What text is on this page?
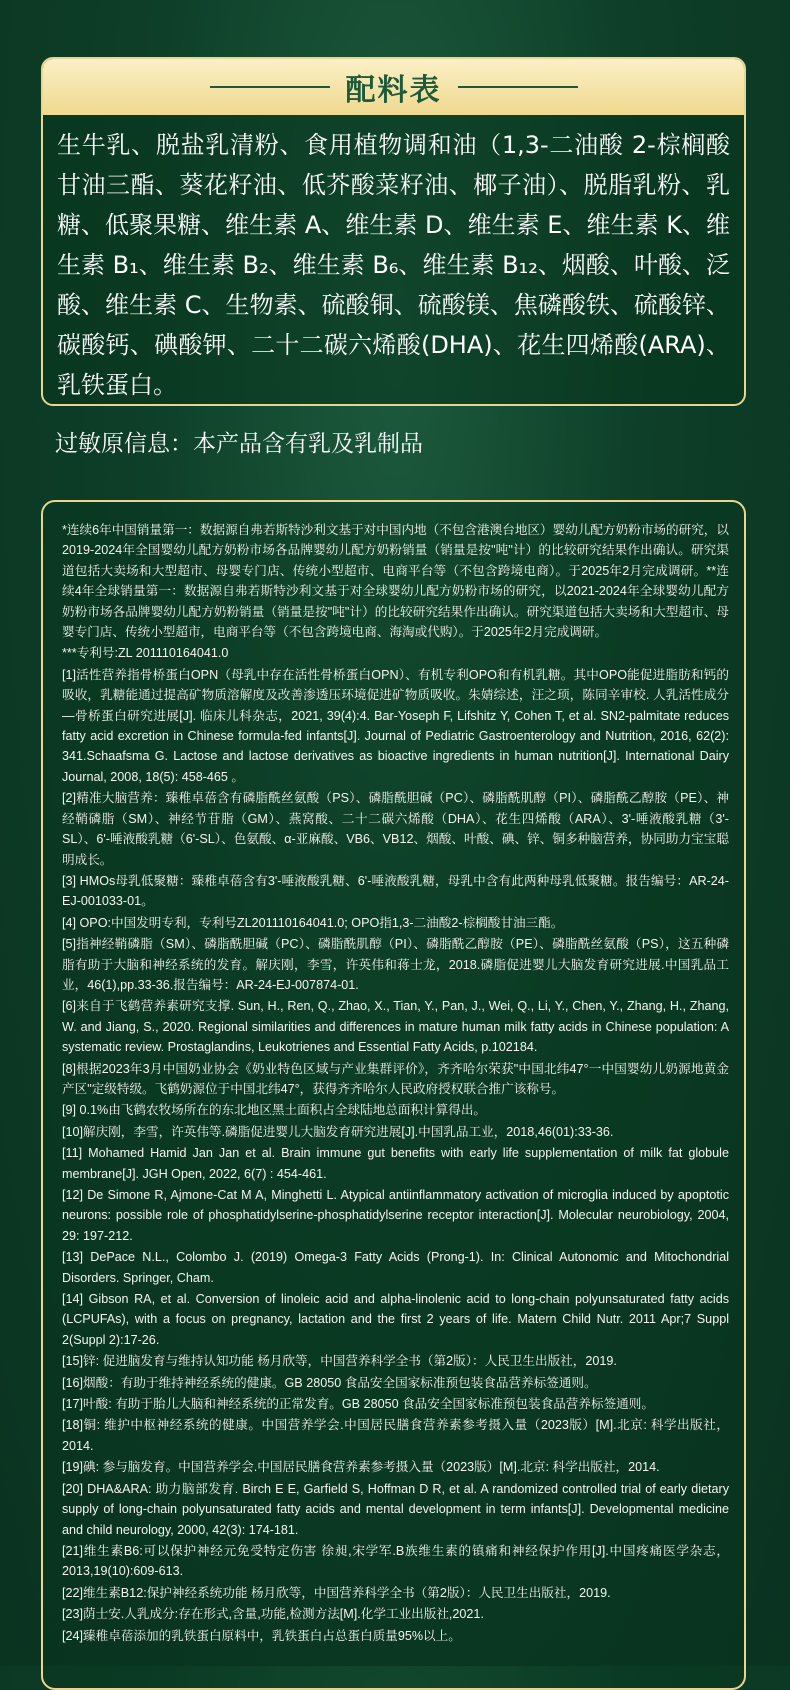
配料表
生牛乳、脱盐乳清粉、食用植物调和油（1,3-二油酸 2-棕榈酸甘油三酯、葵花籽油、低芥酸菜籽油、椰子油）、脱脂乳粉、乳糖、低聚果糖、维生素 A、维生素 D、维生素 E、维生素 K、维生素 B₁、维生素 B₂、维生素 B₆、维生素 B₁₂、烟酸、叶酸、泛酸、维生素 C、生物素、硫酸铜、硫酸镁、焦磷酸铁、硫酸锌、碳酸钙、碘酸钾、二十二碳六烯酸(DHA)、花生四烯酸(ARA)、乳铁蛋白。
过敏原信息：本产品含有乳及乳制品

*连续6年中国销量第一：数据源自弗若斯特沙利文基于对中国内地（不包含港澳台地区）婴幼儿配方奶粉市场的研究，以2019-2024年全国婴幼儿配方奶粉市场各品牌婴幼儿配方奶粉销量（销量是按"吨"计）的比较研究结果作出确认。研究渠道包括大卖场和大型超市、母婴专门店、传统小型超市、电商平台等（不包含跨境电商）。于2025年2月完成调研。**连续4年全球销量第一：数据源自弗若斯特沙利文基于对全球婴幼儿配方奶粉市场的研究，以2021-2024年全球婴幼儿配方奶粉市场各品牌婴幼儿配方奶粉销量（销量是按"吨"计）的比较研究结果作出确认。研究渠道包括大卖场和大型超市、母婴专门店、传统小型超市，电商平台等（不包含跨境电商、海淘或代购）。于2025年2月完成调研。

***专利号:ZL 201110164041.0

[1]活性营养指骨桥蛋白OPN（母乳中存在活性骨桥蛋白OPN）、有机专利OPO和有机乳糖。其中OPO能促进脂肪和钙的吸收，乳糖能通过提高矿物质溶解度及改善渗透压环境促进矿物质吸收。朱婧综述，汪之顼，陈同辛审校. 人乳活性成分—骨桥蛋白研究进展[J]. 临床儿科杂志，2021, 39(4):4. Bar-Yoseph F, Lifshitz Y, Cohen T, et al. SN2-palmitate reduces fatty acid excretion in Chinese formula-fed infants[J]. Journal of Pediatric Gastroenterology and Nutrition, 2016, 62(2): 341.Schaafsma G. Lactose and lactose derivatives as bioactive ingredients in human nutrition[J]. International Dairy Journal, 2008, 18(5): 458-465 。

[2]精准大脑营养：臻稚卓蓓含有磷脂酰丝氨酸（PS）、磷脂酰胆碱（PC）、磷脂酰肌醇（PI）、磷脂酰乙醇胺（PE）、神经鞘磷脂（SM）、神经节苷脂（GM）、燕窝酸、二十二碳六烯酸（DHA）、花生四烯酸（ARA）、3'-唾液酸乳糖（3'-SL）、6'-唾液酸乳糖（6'-SL）、色氨酸、α-亚麻酸、VB6、VB12、烟酸、叶酸、碘、锌、铜多种脑营养，协同助力宝宝聪明成长。

[3] HMOs母乳低聚糖：臻稚卓蓓含有3'-唾液酸乳糖、6'-唾液酸乳糖，母乳中含有此两种母乳低聚糖。报告编号：AR-24-EJ-001033-01。

[4] OPO:中国发明专利，专利号ZL201110164041.0; OPO指1,3-二油酸2-棕榈酸甘油三酯。

[5]指神经鞘磷脂（SM）、磷脂酰胆碱（PC）、磷脂酰肌醇（PI）、磷脂酰乙醇胺（PE）、磷脂酰丝氨酸（PS），这五种磷脂有助于大脑和神经系统的发育。解庆刚，李雪，许英伟和蒋士龙，2018.磷脂促进婴儿大脑发育研究进展.中国乳品工业，46(1),pp.33-36.报告编号：AR-24-EJ-007874-01.

[6]来自于飞鹤营养素研究支撑. Sun, H., Ren, Q., Zhao, X., Tian, Y., Pan, J., Wei, Q., Li, Y., Chen, Y., Zhang, H., Zhang, W. and Jiang, S., 2020. Regional similarities and differences in mature human milk fatty acids in Chinese population: A systematic review. Prostaglandins, Leukotrienes and Essential Fatty Acids, p.102184.

[8]根据2023年3月中国奶业协会《奶业特色区域与产业集群评价》，齐齐哈尔荣获"中国北纬47°一中国婴幼儿奶源地黄金产区"定级特级。飞鹤奶源位于中国北纬47°，获得齐齐哈尔人民政府授权联合推广该称号。

[9] 0.1%由飞鹤农牧场所在的东北地区黑土面积占全球陆地总面积计算得出。

[10]解庆刚，李雪，许英伟等.磷脂促进婴儿大脑发育研究进展[J].中国乳品工业，2018,46(01):33-36.

[11] Mohamed Hamid Jan Jan et al. Brain immune gut benefits with early life supplementation of milk fat globule membrane[J]. JGH Open, 2022, 6(7) : 454-461.

[12] De Simone R, Ajmone-Cat M A, Minghetti L. Atypical antiinflammatory activation of microglia induced by apoptotic neurons: possible role of phosphatidylserine-phosphatidylserine receptor interaction[J]. Molecular neurobiology, 2004, 29: 197-212.

[13] DePace N.L., Colombo J. (2019) Omega-3 Fatty Acids (Prong-1). In: Clinical Autonomic and Mitochondrial Disorders. Springer, Cham.

[14] Gibson RA, et al. Conversion of linoleic acid and alpha-linolenic acid to long-chain polyunsaturated fatty acids (LCPUFAs), with a focus on pregnancy, lactation and the first 2 years of life. Matern Child Nutr. 2011 Apr;7 Suppl 2(Suppl 2):17-26.

[15]锌: 促进脑发育与维持认知功能 杨月欣等，中国营养科学全书（第2版）：人民卫生出版社，2019.

[16]烟酸：有助于维持神经系统的健康。GB 28050 食品安全国家标准预包装食品营养标签通则。

[17]叶酸: 有助于胎儿大脑和神经系统的正常发育。GB 28050 食品安全国家标准预包装食品营养标签通则。

[18]铜: 维护中枢神经系统的健康。中国营养学会.中国居民膳食营养素参考摄入量（2023版）[M].北京: 科学出版社，2014.

[19]碘: 参与脑发育。中国营养学会.中国居民膳食营养素参考摄入量（2023版）[M].北京: 科学出版社，2014.

[20] DHA&ARA: 助力脑部发育. Birch E E, Garfield S, Hoffman D R, et al. A randomized controlled trial of early dietary supply of long-chain polyunsaturated fatty acids and mental development in term infants[J]. Developmental medicine and child neurology, 2000, 42(3): 174-181.

[21]维生素B6:可以保护神经元免受特定伤害 徐昶,宋学军.B族维生素的镇痛和神经保护作用[J].中国疼痛医学杂志，2013,19(10):609-613.

[22]维生素B12:保护神经系统功能 杨月欣等，中国营养科学全书（第2版）：人民卫生出版社，2019.

[23]荫士安.人乳成分:存在形式,含量,功能,检测方法[M].化学工业出版社,2021.

[24]臻稚卓蓓添加的乳铁蛋白原料中，乳铁蛋白占总蛋白质量95%以上。
